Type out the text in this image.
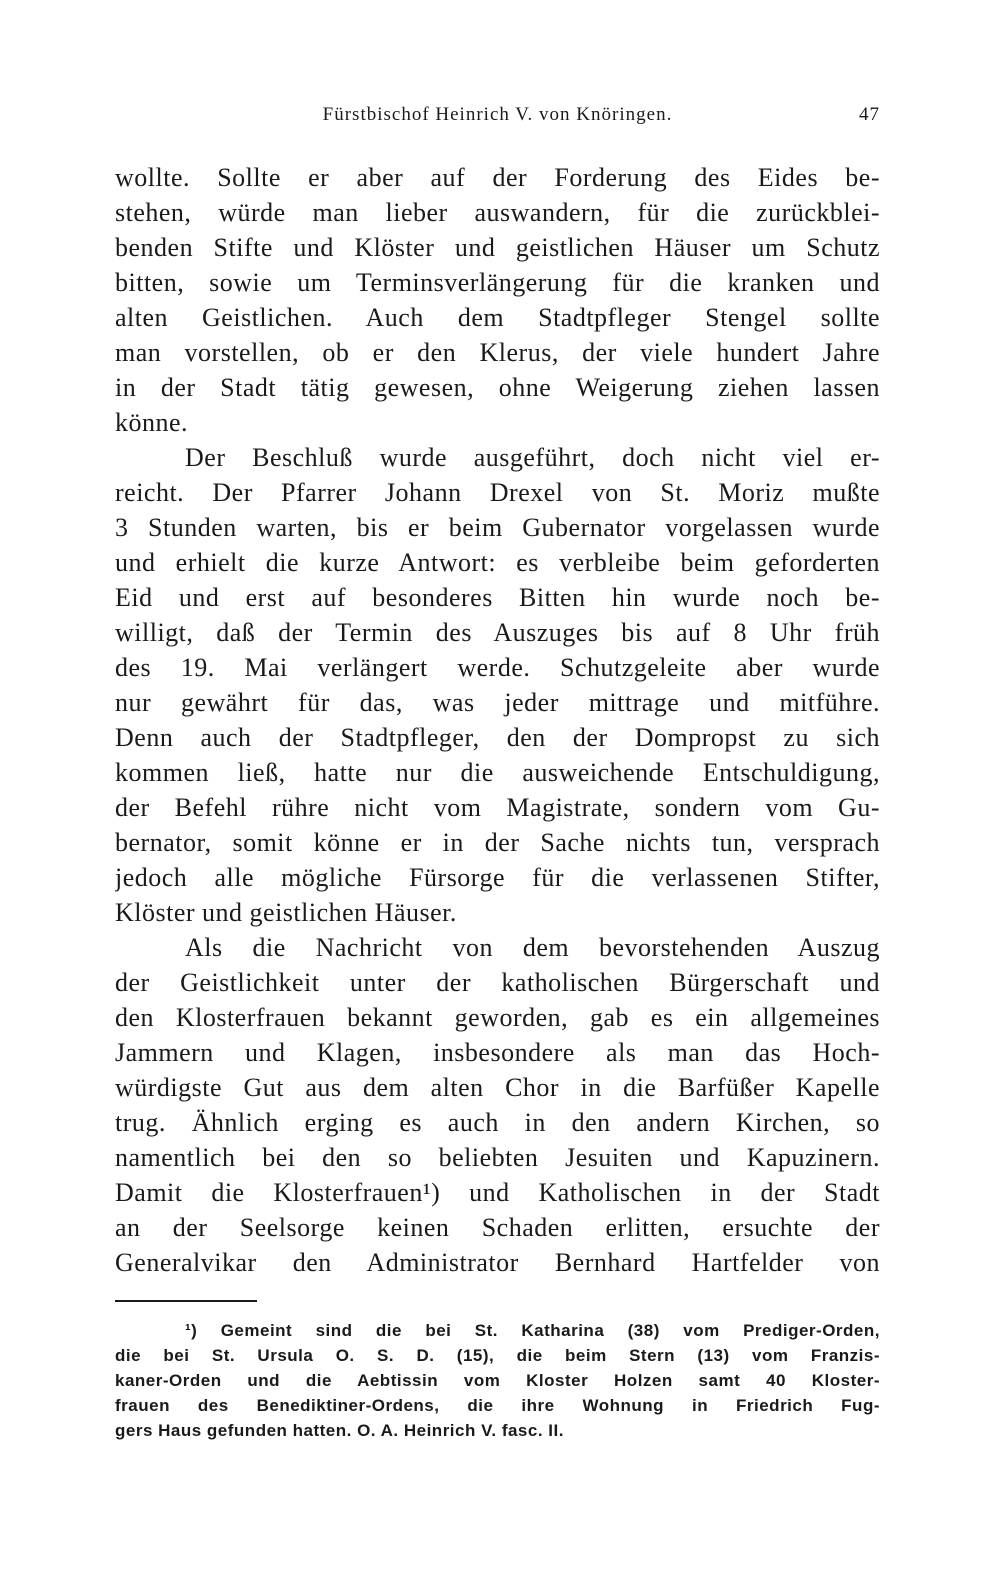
Fürstbischof Heinrich V. von Knöringen.	47
wollte. Sollte er aber auf der Forderung des Eides be-
stehen, würde man lieber auswandern, für die zurückblei-
benden Stifte und Klöster und geistlichen Häuser um Schutz
bitten, sowie um Terminsverlängerung für die kranken und
alten Geistlichen. Auch dem Stadtpfleger Stengel sollte
man vorstellen, ob er den Klerus, der viele hundert Jahre
in der Stadt tätig gewesen, ohne Weigerung ziehen lassen
könne.
Der Beschluß wurde ausgeführt, doch nicht viel er-
reicht. Der Pfarrer Johann Drexel von St. Moriz mußte
3 Stunden warten, bis er beim Gubernator vorgelassen wurde
und erhielt die kurze Antwort: es verbleibe beim geforderten
Eid und erst auf besonderes Bitten hin wurde noch be-
willigt, daß der Termin des Auszuges bis auf 8 Uhr früh
des 19. Mai verlängert werde. Schutzgeleite aber wurde
nur gewährt für das, was jeder mittrage und mitführe.
Denn auch der Stadtpfleger, den der Dompropst zu sich
kommen ließ, hatte nur die ausweichende Entschuldigung,
der Befehl rühre nicht vom Magistrate, sondern vom Gu-
bernator, somit könne er in der Sache nichts tun, versprach
jedoch alle mögliche Fürsorge für die verlassenen Stifter,
Klöster und geistlichen Häuser.
Als die Nachricht von dem bevorstehenden Auszug
der Geistlichkeit unter der katholischen Bürgerschaft und
den Klosterfrauen bekannt geworden, gab es ein allgemeines
Jammern und Klagen, insbesondere als man das Hoch-
würdigste Gut aus dem alten Chor in die Barfüßer Kapelle
trug. Ähnlich erging es auch in den andern Kirchen, so
namentlich bei den so beliebten Jesuiten und Kapuzinern.
Damit die Klosterfrauen¹) und Katholischen in der Stadt
an der Seelsorge keinen Schaden erlitten, ersuchte der
Generalvikar den Administrator Bernhard Hartfelder von
¹) Gemeint sind die bei St. Katharina (38) vom Prediger-Orden,
die bei St. Ursula O. S. D. (15), die beim Stern (13) vom Franzis-
kaner-Orden und die Aebtissin vom Kloster Holzen samt 40 Kloster-
frauen des Benediktiner-Ordens, die ihre Wohnung in Friedrich Fug-
gers Haus gefunden hatten. O. A. Heinrich V. fasc. II.
